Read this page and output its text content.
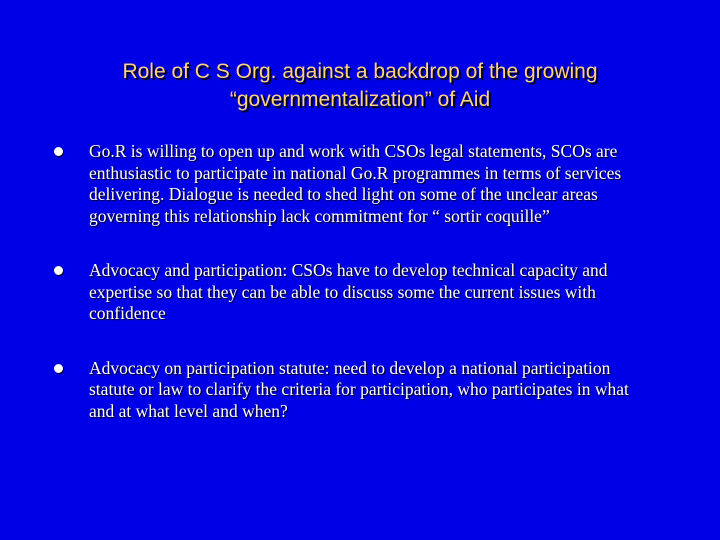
Role of C S Org. against a backdrop of the growing
“governmentalization” of Aid
Go.R is willing to open up and work with CSOs legal statements, SCOs are enthusiastic to participate in national Go.R programmes in terms of services delivering. Dialogue is needed to shed light on some of the unclear areas governing this relationship lack commitment for “ sortir coquille”
Advocacy and participation: CSOs have to develop technical capacity and expertise so that they can be able to discuss some the current issues with confidence
Advocacy on participation statute: need to develop a national participation statute or law to clarify the criteria for participation, who participates in what and at what level and when?
